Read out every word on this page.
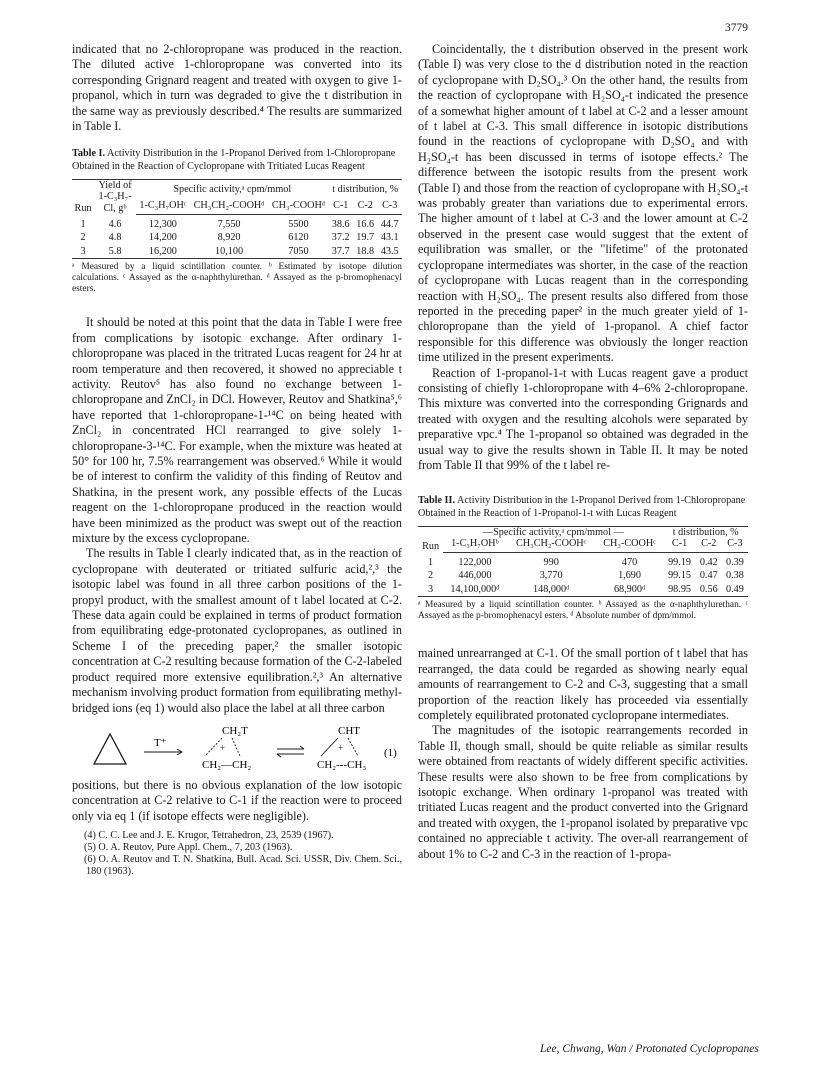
3779

indicated that no 2-chloropropane was produced in the reaction. The diluted active 1-chloropropane was converted into its corresponding Grignard reagent and treated with oxygen to give 1-propanol, which in turn was degraded to give the t distribution in the same way as previously described.⁴ The results are summarized in Table I.

Table I. Activity Distribution in the 1-Propanol Derived from 1-Chloropropane Obtained in the Reaction of Cyclopropane with Tritiated Lucas Reagent
Run	Yield of 1-C₃H₇-Cl, gᵇ	Specific activity,ᵃ cpm/mmol			t distribution, %		
		1-C₃H₇OHᶜ	CH₃CH₂-COOHᵈ	CH₃-COOHᵈ	C-1	C-2	C-3
1	4.6	12,300	7,550	5500	38.6	16.6	44.7
2	4.8	14,200	8,920	6120	37.2	19.7	43.1
3	5.8	16,200	10,100	7050	37.7	18.8	43.5
ᵃ Measured by a liquid scintillation counter. ᵇ Estimated by isotope dilution calculations. ᶜ Assayed as the α-naphthylurethan. ᵈ Assayed as the p-bromophenacyl esters.

It should be noted at this point that the data in Table I were free from complications by isotopic exchange. After ordinary 1-chloropropane was placed in the tritrated Lucas reagent for 24 hr at room temperature and then recovered, it showed no appreciable t activity. Reutov⁵ has also found no exchange between 1-chloropropane and ZnCl₂ in DCl. However, Reutov and Shatkina⁵,⁶ have reported that 1-chloropropane-1-¹⁴C on being heated with ZnCl₂ in concentrated HCl rearranged to give solely 1-chloropropane-3-¹⁴C. For example, when the mixture was heated at 50° for 100 hr, 7.5% rearrangement was observed.⁶ While it would be of interest to confirm the validity of this finding of Reutov and Shatkina, in the present work, any possible effects of the Lucas reagent on the 1-chloropropane produced in the reaction would have been minimized as the product was swept out of the reaction mixture by the excess cyclopropane.

The results in Table I clearly indicated that, as in the reaction of cyclopropane with deuterated or tritiated sulfuric acid,²,³ the isotopic label was found in all three carbon positions of the 1-propyl product, with the smallest amount of t label located at C-2. These data again could be explained in terms of product formation from equilibrating edge-protonated cyclopropanes, as outlined in Scheme I of the preceding paper,² the smaller isotopic concentration at C-2 resulting because formation of the C-2-labeled product required more extensive equilibration.²,³ An alternative mechanism involving product formation from equilibrating methyl-bridged ions (eq 1) would also place the label at all three carbon

T⁺
CH₂T
+
CH₂—CH₂
CHT
+
CH₂---CH₃
(1)

positions, but there is no obvious explanation of the low isotopic concentration at C-2 relative to C-1 if the reaction were to proceed only via eq 1 (if isotope effects were negligible).

(4) C. C. Lee and J. E. Krugor, Tetrahedron, 23, 2539 (1967).
(5) O. A. Reutov, Pure Appl. Chem., 7, 203 (1963).
(6) O. A. Reutov and T. N. Shatkina, Bull. Acad. Sci. USSR, Div. Chem. Sci., 180 (1963).

Coincidentally, the t distribution observed in the present work (Table I) was very close to the d distribution noted in the reaction of cyclopropane with D₂SO₄.³ On the other hand, the results from the reaction of cyclopropane with H₂SO₄-t indicated the presence of a somewhat higher amount of t label at C-2 and a lesser amount of t label at C-3. This small difference in isotopic distributions found in the reactions of cyclopropane with D₂SO₄ and with H₂SO₄-t has been discussed in terms of isotope effects.² The difference between the isotopic results from the present work (Table I) and those from the reaction of cyclopropane with H₂SO₄-t was probably greater than variations due to experimental errors. The higher amount of t label at C-3 and the lower amount at C-2 observed in the present case would suggest that the extent of equilibration was smaller, or the "lifetime" of the protonated cyclopropane intermediates was shorter, in the case of the reaction of cyclopropane with Lucas reagent than in the corresponding reaction with H₂SO₄. The present results also differed from those reported in the preceding paper² in the much greater yield of 1-chloropropane than the yield of 1-propanol. A chief factor responsible for this difference was obviously the longer reaction time utilized in the present experiments.

Reaction of 1-propanol-1-t with Lucas reagent gave a product consisting of chiefly 1-chloropropane with 4–6% 2-chloropropane. This mixture was converted into the corresponding Grignards and treated with oxygen and the resulting alcohols were separated by preparative vpc.⁴ The 1-propanol so obtained was degraded in the usual way to give the results shown in Table II. It may be noted from Table II that 99% of the t label re-

Table II. Activity Distribution in the 1-Propanol Derived from 1-Chloropropane Obtained in the Reaction of 1-Propanol-1-t with Lucas Reagent
Run	—Specific activity,ᵃ cpm/mmol —			t distribution, %		
	1-C₃H₇OHᵇ	CH₃CH₂-COOHᶜ	CH₃-COOHᶜ	C-1	C-2	C-3
1	122,000	990	470	99.19	0.42	0.39
2	446,000	3,770	1,690	99.15	0.47	0.38
3	14,100,000ᵈ	148,000ᵈ	68,900ᵈ	98.95	0.56	0.49
ᵃ Measured by a liquid scintillation counter. ᵇ Assayed as the α-naphthylurethan. ᶜ Assayed as the p-bromophenacyl esters. ᵈ Absolute number of dpm/mmol.

mained unrearranged at C-1. Of the small portion of t label that has rearranged, the data could be regarded as showing nearly equal amounts of rearrangement to C-2 and C-3, suggesting that a small proportion of the reaction likely has proceeded via essentially completely equilibrated protonated cyclopropane intermediates.

The magnitudes of the isotopic rearrangements recorded in Table II, though small, should be quite reliable as similar results were obtained from reactants of widely different specific activities. These results were also shown to be free from complications by isotopic exchange. When ordinary 1-propanol was treated with tritiated Lucas reagent and the product converted into the Grignard and treated with oxygen, the 1-propanol isolated by preparative vpc contained no appreciable t activity. The over-all rearrangement of about 1% to C-2 and C-3 in the reaction of 1-propa-

Lee, Chwang, Wan / Protonated Cyclopropanes
